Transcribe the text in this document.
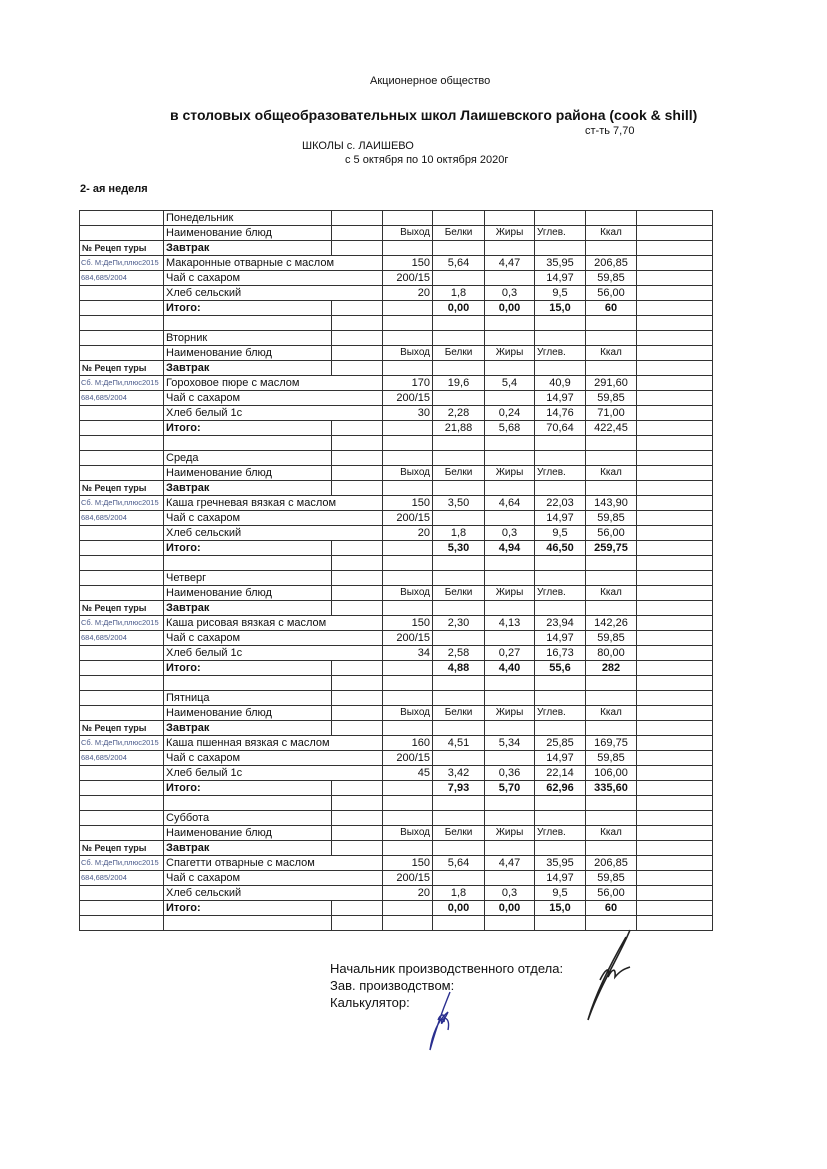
Акционерное общество
в столовых общеобразовательных школ Лаишевского района (cook & shill)
ст-ть 7,70
ШКОЛЫ с. ЛАИШЕВО
с 5 октября по 10 октября 2020г
2- ая неделя
	Понедельник							
	Наименование блюд		Выход	Белки	Жиры	Углев.	Ккал	
№ Рецеп туры	Завтрак							
Сб. М:ДеПи,плюс2015	Макаронные отварные с маслом		150	5,64	4,47	35,95	206,85	
684,685/2004	Чай с сахаром		200/15			14,97	59,85	
	Хлеб сельский		20	1,8	0,3	9,5	56,00	
	Итого:			0,00	0,00	15,0	60	

	Вторник							
	Наименование блюд		Выход	Белки	Жиры	Углев.	Ккал	
№ Рецеп туры	Завтрак							
Сб. М:ДеПи,плюс2015	Гороховое пюре с маслом		170	19,6	5,4	40,9	291,60	
684,685/2004	Чай с сахаром		200/15			14,97	59,85	
	Хлеб белый 1с		30	2,28	0,24	14,76	71,00	
	Итого:			21,88	5,68	70,64	422,45	

	Среда							
	Наименование блюд		Выход	Белки	Жиры	Углев.	Ккал	
№ Рецеп туры	Завтрак							
Сб. М:ДеПи,плюс2015	Каша гречневая вязкая с маслом		150	3,50	4,64	22,03	143,90	
684,685/2004	Чай с сахаром		200/15			14,97	59,85	
	Хлеб сельский		20	1,8	0,3	9,5	56,00	
	Итого:			5,30	4,94	46,50	259,75	

	Четверг							
	Наименование блюд		Выход	Белки	Жиры	Углев.	Ккал	
№ Рецеп туры	Завтрак							
Сб. М:ДеПи,плюс2015	Каша рисовая вязкая с маслом		150	2,30	4,13	23,94	142,26	
684,685/2004	Чай с сахаром		200/15			14,97	59,85	
	Хлеб белый 1с		34	2,58	0,27	16,73	80,00	
	Итого:			4,88	4,40	55,6	282	

	Пятница							
	Наименование блюд		Выход	Белки	Жиры	Углев.	Ккал	
№ Рецеп туры	Завтрак							
Сб. М:ДеПи,плюс2015	Каша пшенная вязкая с маслом		160	4,51	5,34	25,85	169,75	
684,685/2004	Чай с сахаром		200/15			14,97	59,85	
	Хлеб белый 1с		45	3,42	0,36	22,14	106,00	
	Итого:			7,93	5,70	62,96	335,60	

	Суббота							
	Наименование блюд		Выход	Белки	Жиры	Углев.	Ккал	
№ Рецеп туры	Завтрак							
Сб. М:ДеПи,плюс2015	Спагетти отварные с маслом		150	5,64	4,47	35,95	206,85	
684,685/2004	Чай с сахаром		200/15			14,97	59,85	
	Хлеб сельский		20	1,8	0,3	9,5	56,00	
	Итого:			0,00	0,00	15,0	60	

Начальник производственного отдела:
Зав. производством:
Калькулятор:
